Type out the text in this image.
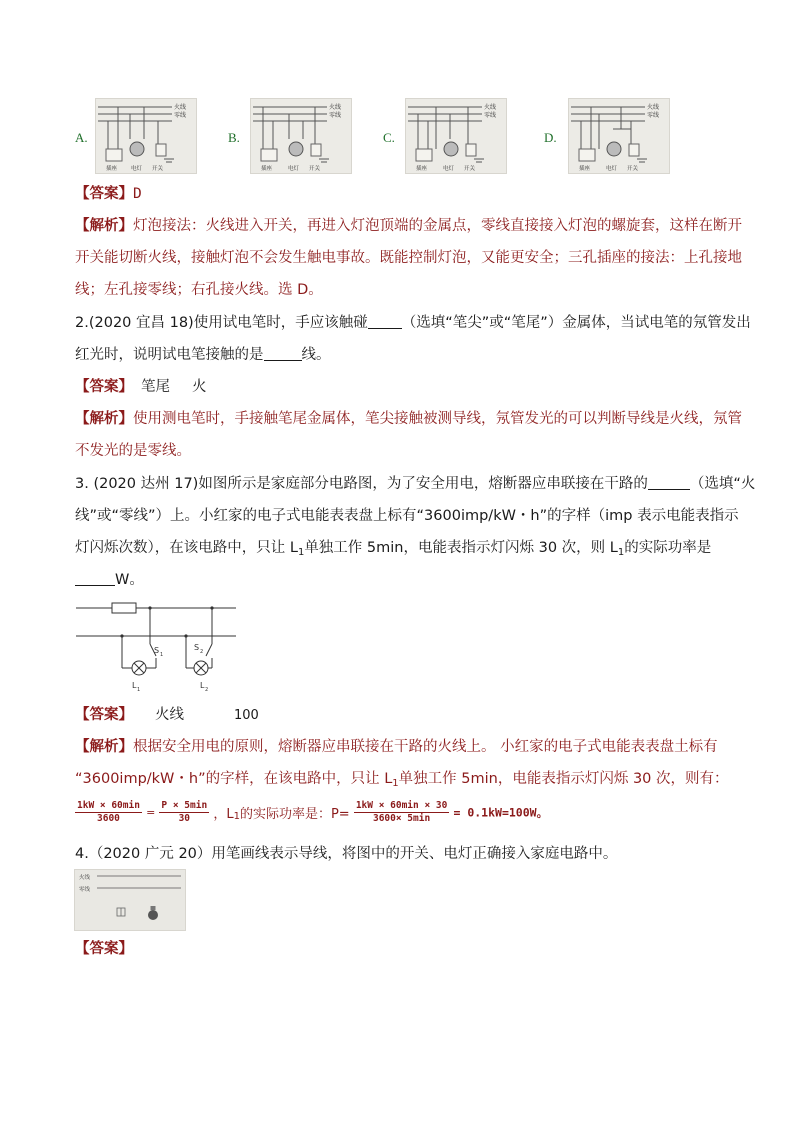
A.
火线
零线
插座	电灯 开关
B.
火线
零线
插座	电灯 开关
C.
火线
零线
插座	电灯 开关
D.
火线
零线
插座	电灯 开关
【答案】D
【解析】灯泡接法：火线进入开关，再进入灯泡顶端的金属点，零线直接接入灯泡的螺旋套，这样在断开
开关能切断火线，接触灯泡不会发生触电事故。既能控制灯泡，又能更安全；三孔插座的接法：上孔接地
线；左孔接零线；右孔接火线。选 D。
2.(2020 宜昌 18)使用试电笔时，手应该触碰 （选填“笔尖”或“笔尾”）金属体，当试电笔的氖管发出
红光时，说明试电笔接触的是	线。
【答案】 笔尾 火
【解析】使用测电笔时，手接触笔尾金属体，笔尖接触被测导线，氖管发光的可以判断导线是火线，氖管
不发光的是零线。
3. (2020 达州 17)如图所示是家庭部分电路图，为了安全用电，熔断器应串联接在干路的	（选填“火
线”或“零线”）上。小红家的电子式电能表表盘上标有“3600imp/kW・h”的字样（imp 表示电能表指示
灯闪烁次数），在该电路中，只让 $L_1$单独工作 5min，电能表指示灯闪烁 30 次，则 $L_1$的实际功率是
W。
S 1
L 1
S 2
L 2
【答案】 火线	100
【解析】根据安全用电的原则，熔断器应串联接在干路的火线上。 小红家的电子式电能表表盘土标有
“3600imp/kW・h”的字样，在该电路中，只让 $L_1$单独工作 5min，电能表指示灯闪烁 30 次，则有：
$\frac{1kW \times 60\min}{3600} = \frac{P \times 5\min}{30}$ ，$L_1$的实际功率是：$P= \frac{1kW \times 60\min \times 30}{3600\times 5\min} = 0.1kW=100W$。
4.（2020 广元 20）用笔画线表示导线，将图中的开关、电灯正确接入家庭电路中。
火线
零线
【答案】
